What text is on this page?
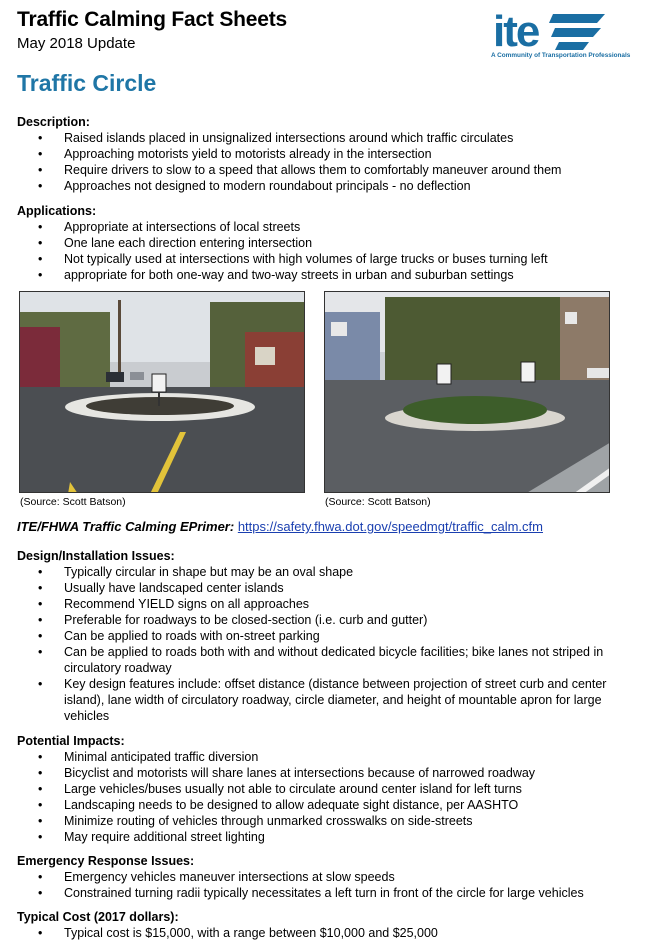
Traffic Calming Fact Sheets
May 2018 Update	ite
A Community of Transportation Professionals
Traffic Circle

Description:

• Raised islands placed in unsignalized intersections around which traffic circulates
• Approaching motorists yield to motorists already in the intersection
• Require drivers to slow to a speed that allows them to comfortably maneuver around them
• Approaches not designed to modern roundabout principals - no deflection

Applications:

• Appropriate at intersections of local streets
• One lane each direction entering intersection
• Not typically used at intersections with high volumes of large trucks or buses turning left
• appropriate for both one-way and two-way streets in urban and suburban settings
(Source: Scott Batson)	(Source: Scott Batson)
ITE/FHWA Traffic Calming EPrimer: https://safety.fhwa.dot.gov/speedmgt/traffic_calm.cfm

Design/Installation Issues:

• Typically circular in shape but may be an oval shape
• Usually have landscaped center islands
• Recommend YIELD signs on all approaches
• Preferable for roadways to be closed-section (i.e. curb and gutter)
• Can be applied to roads with on-street parking
• Can be applied to roads both with and without dedicated bicycle facilities; bike lanes not striped in circulatory roadway
• Key design features include: offset distance (distance between projection of street curb and center island), lane width of circulatory roadway, circle diameter, and height of mountable apron for large vehicles

Potential Impacts:

• Minimal anticipated traffic diversion
• Bicyclist and motorists will share lanes at intersections because of narrowed roadway
• Large vehicles/buses usually not able to circulate around center island for left turns
• Landscaping needs to be designed to allow adequate sight distance, per AASHTO
• Minimize routing of vehicles through unmarked crosswalks on side-streets
• May require additional street lighting

Emergency Response Issues:

• Emergency vehicles maneuver intersections at slow speeds
• Constrained turning radii typically necessitates a left turn in front of the circle for large vehicles

Typical Cost (2017 dollars):

• Typical cost is $15,000, with a range between $10,000 and $25,000
